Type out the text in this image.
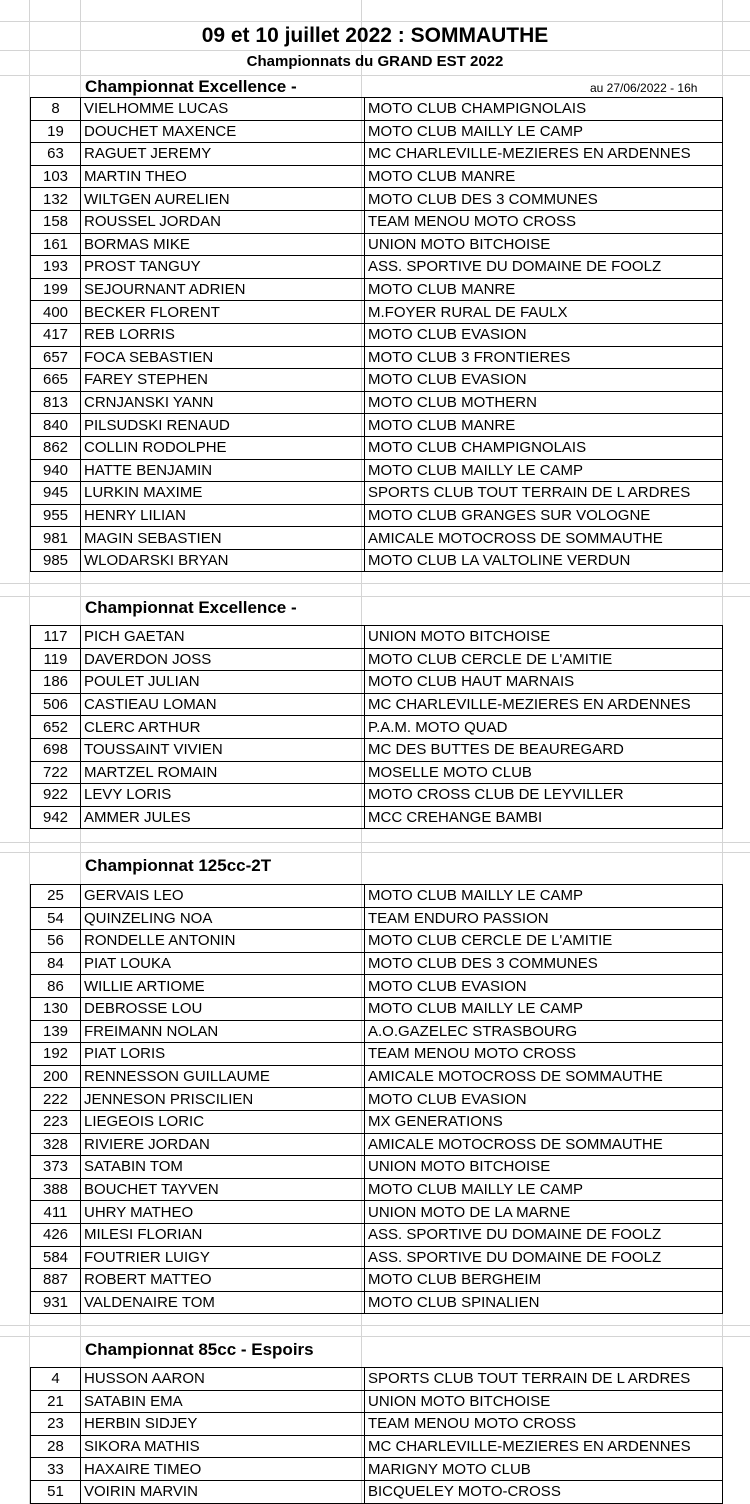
09 et 10 juillet 2022 : SOMMAUTHE
Championnats du GRAND EST 2022
au 27/06/2022 - 16h
Championnat Excellence -
8	VIELHOMME LUCAS	MOTO CLUB CHAMPIGNOLAIS
19	DOUCHET MAXENCE	MOTO CLUB MAILLY LE CAMP
63	RAGUET JEREMY	MC CHARLEVILLE-MEZIERES EN ARDENNES
103	MARTIN THEO	MOTO CLUB MANRE
132	WILTGEN AURELIEN	MOTO CLUB DES 3 COMMUNES
158	ROUSSEL JORDAN	TEAM MENOU MOTO CROSS
161	BORMAS MIKE	UNION MOTO BITCHOISE
193	PROST TANGUY	ASS. SPORTIVE DU DOMAINE DE FOOLZ
199	SEJOURNANT ADRIEN	MOTO CLUB MANRE
400	BECKER FLORENT	M.FOYER RURAL DE FAULX
417	REB LORRIS	MOTO CLUB EVASION
657	FOCA SEBASTIEN	MOTO CLUB 3 FRONTIERES
665	FAREY STEPHEN	MOTO CLUB EVASION
813	CRNJANSKI YANN	MOTO CLUB MOTHERN
840	PILSUDSKI RENAUD	MOTO CLUB MANRE
862	COLLIN RODOLPHE	MOTO CLUB CHAMPIGNOLAIS
940	HATTE BENJAMIN	MOTO CLUB MAILLY LE CAMP
945	LURKIN MAXIME	SPORTS CLUB TOUT TERRAIN DE L ARDRES
955	HENRY LILIAN	MOTO CLUB GRANGES SUR VOLOGNE
981	MAGIN SEBASTIEN	AMICALE MOTOCROSS DE SOMMAUTHE
985	WLODARSKI BRYAN	MOTO CLUB LA VALTOLINE VERDUN
Championnat Excellence -
117	PICH GAETAN	UNION MOTO BITCHOISE
119	DAVERDON JOSS	MOTO CLUB CERCLE DE L'AMITIE
186	POULET JULIAN	MOTO CLUB HAUT MARNAIS
506	CASTIEAU LOMAN	MC CHARLEVILLE-MEZIERES EN ARDENNES
652	CLERC ARTHUR	P.A.M. MOTO QUAD
698	TOUSSAINT VIVIEN	MC DES BUTTES DE BEAUREGARD
722	MARTZEL ROMAIN	MOSELLE MOTO CLUB
922	LEVY LORIS	MOTO CROSS CLUB DE LEYVILLER
942	AMMER JULES	MCC CREHANGE BAMBI
Championnat 125cc-2T
25	GERVAIS LEO	MOTO CLUB MAILLY LE CAMP
54	QUINZELING NOA	TEAM ENDURO PASSION
56	RONDELLE ANTONIN	MOTO CLUB CERCLE DE L'AMITIE
84	PIAT LOUKA	MOTO CLUB DES 3 COMMUNES
86	WILLIE ARTIOME	MOTO CLUB EVASION
130	DEBROSSE LOU	MOTO CLUB MAILLY LE CAMP
139	FREIMANN NOLAN	A.O.GAZELEC STRASBOURG
192	PIAT LORIS	TEAM MENOU MOTO CROSS
200	RENNESSON GUILLAUME	AMICALE MOTOCROSS DE SOMMAUTHE
222	JENNESON PRISCILIEN	MOTO CLUB EVASION
223	LIEGEOIS LORIC	MX GENERATIONS
328	RIVIERE JORDAN	AMICALE MOTOCROSS DE SOMMAUTHE
373	SATABIN TOM	UNION MOTO BITCHOISE
388	BOUCHET TAYVEN	MOTO CLUB MAILLY LE CAMP
411	UHRY MATHEO	UNION MOTO DE LA MARNE
426	MILESI FLORIAN	ASS. SPORTIVE DU DOMAINE DE FOOLZ
584	FOUTRIER LUIGY	ASS. SPORTIVE DU DOMAINE DE FOOLZ
887	ROBERT MATTEO	MOTO CLUB BERGHEIM
931	VALDENAIRE TOM	MOTO CLUB SPINALIEN
Championnat 85cc - Espoirs
4	HUSSON AARON	SPORTS CLUB TOUT TERRAIN DE L ARDRES
21	SATABIN EMA	UNION MOTO BITCHOISE
23	HERBIN SIDJEY	TEAM MENOU MOTO CROSS
28	SIKORA MATHIS	MC CHARLEVILLE-MEZIERES EN ARDENNES
33	HAXAIRE TIMEO	MARIGNY MOTO CLUB
51	VOIRIN MARVIN	BICQUELEY MOTO-CROSS
